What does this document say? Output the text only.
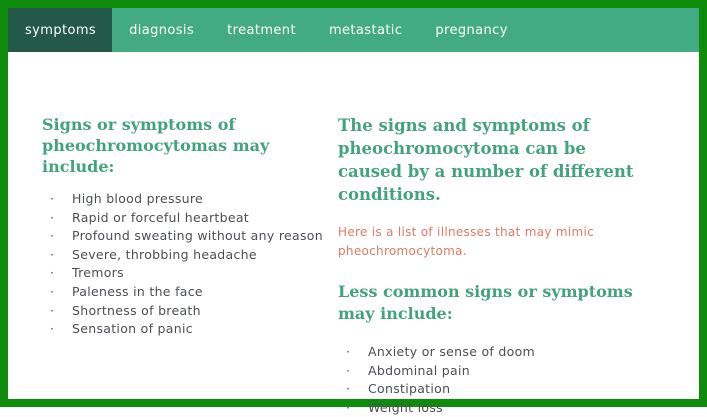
symptoms	diagnosis	treatment	metastatic	pregnancy
Signs or symptoms of pheochromocytomas may include:
· High blood pressure
· Rapid or forceful heartbeat
· Profound sweating without any reason
· Severe, throbbing headache
· Tremors
· Paleness in the face
· Shortness of breath
· Sensation of panic
The signs and symptoms of pheochromocytoma can be caused by a number of different conditions.
Here is a list of illnesses that may mimic pheochromocytoma.
Less common signs or symptoms may include:
· Anxiety or sense of doom
· Abdominal pain
· Constipation
· Weight loss
